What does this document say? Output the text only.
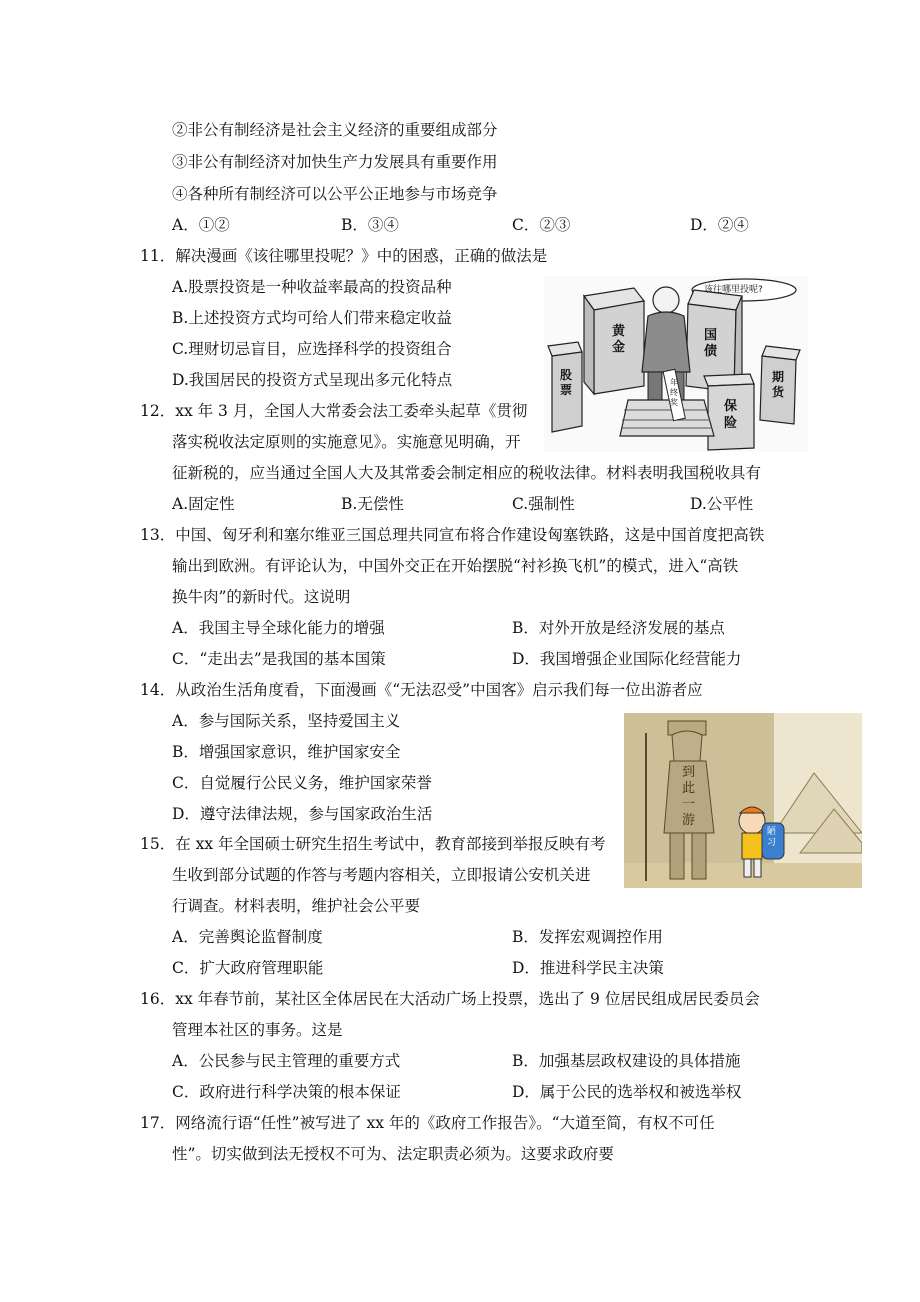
②非公有制经济是社会主义经济的重要组成部分
③非公有制经济对加快生产力发展具有重要作用
④各种所有制经济可以公平公正地参与市场竞争
A．①②	B．③④	C．②③	D．②④
11．解决漫画《该往哪里投呢？》中的困惑，正确的做法是
A.股票投资是一种收益率最高的投资品种
B.上述投资方式均可给人们带来稳定收益
C.理财切忌盲目，应选择科学的投资组合
D.我国居民的投资方式呈现出多元化特点
该往哪里投呢?
黄金
国债
股票
期货
保险
年终奖
12．xx 年 3 月，全国人大常委会法工委牵头起草《贯彻
落实税收法定原则的实施意见》。实施意见明确，开
征新税的，应当通过全国人大及其常委会制定相应的税收法律。材料表明我国税收具有
A.固定性	B.无偿性	C.强制性	D.公平性
13．中国、匈牙利和塞尔维亚三国总理共同宣布将合作建设匈塞铁路，这是中国首度把高铁
输出到欧洲。有评论认为，中国外交正在开始摆脱“衬衫换飞机”的模式，进入“高铁
换牛肉”的新时代。这说明
A．我国主导全球化能力的增强	B．对外开放是经济发展的基点
C．“走出去”是我国的基本国策	D．我国增强企业国际化经营能力
14．从政治生活角度看，下面漫画《“无法忍受”中国客》启示我们每一位出游者应
A．参与国际关系，坚持爱国主义
B．增强国家意识，维护国家安全
C．自觉履行公民义务，维护国家荣誉
D．遵守法律法规，参与国家政治生活
到此一游
陋习
15．在 xx 年全国硕士研究生招生考试中，教育部接到举报反映有考
生收到部分试题的作答与考题内容相关，立即报请公安机关进
行调查。材料表明，维护社会公平要
A．完善舆论监督制度	B．发挥宏观调控作用
C．扩大政府管理职能	D．推进科学民主决策
16．xx 年春节前，某社区全体居民在大活动广场上投票，选出了 9 位居民组成居民委员会
管理本社区的事务。这是
A．公民参与民主管理的重要方式	B．加强基层政权建设的具体措施
C．政府进行科学决策的根本保证	D．属于公民的选举权和被选举权
17．网络流行语“任性”被写进了 xx 年的《政府工作报告》。“大道至简，有权不可任
性”。切实做到法无授权不可为、法定职责必须为。这要求政府要
